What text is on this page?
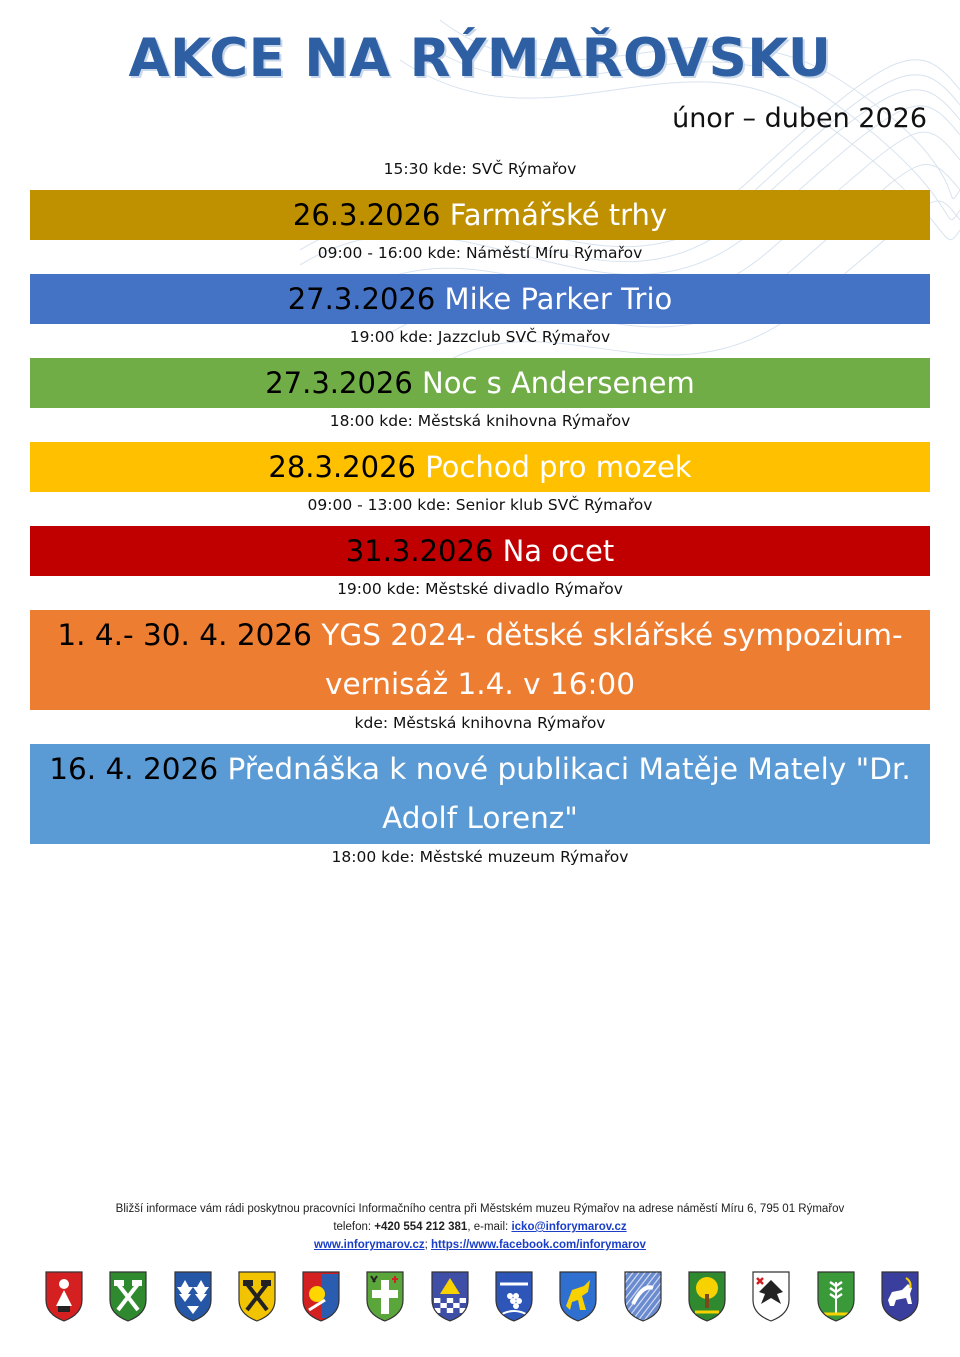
AKCE NA RÝMAŘOVSKU
únor – duben 2026
15:30 kde: SVČ Rýmařov
26.3.2026 Farmářské trhy
09:00 - 16:00 kde: Náměstí Míru Rýmařov
27.3.2026 Mike Parker Trio
19:00 kde: Jazzclub SVČ Rýmařov
27.3.2026 Noc s Andersenem
18:00 kde: Městská knihovna Rýmařov
28.3.2026 Pochod pro mozek
09:00 - 13:00 kde: Senior klub SVČ Rýmařov
31.3.2026 Na ocet
19:00 kde: Městské divadlo Rýmařov
1. 4.- 30. 4. 2026 YGS 2024- dětské sklářské sympozium- vernisáž 1.4. v 16:00
kde: Městská knihovna Rýmařov
16. 4. 2026 Přednáška k nové publikaci Matěje Mately "Dr. Adolf Lorenz"
18:00 kde: Městské muzeum Rýmařov
Bližší informace vám rádi poskytnou pracovníci Informačního centra při Městském muzeu Rýmařov na adrese náměstí Míru 6, 795 01 Rýmařov
telefon: +420 554 212 381, e-mail: icko@inforymarov.cz
www.inforymarov.cz; https://www.facebook.com/inforymarov
